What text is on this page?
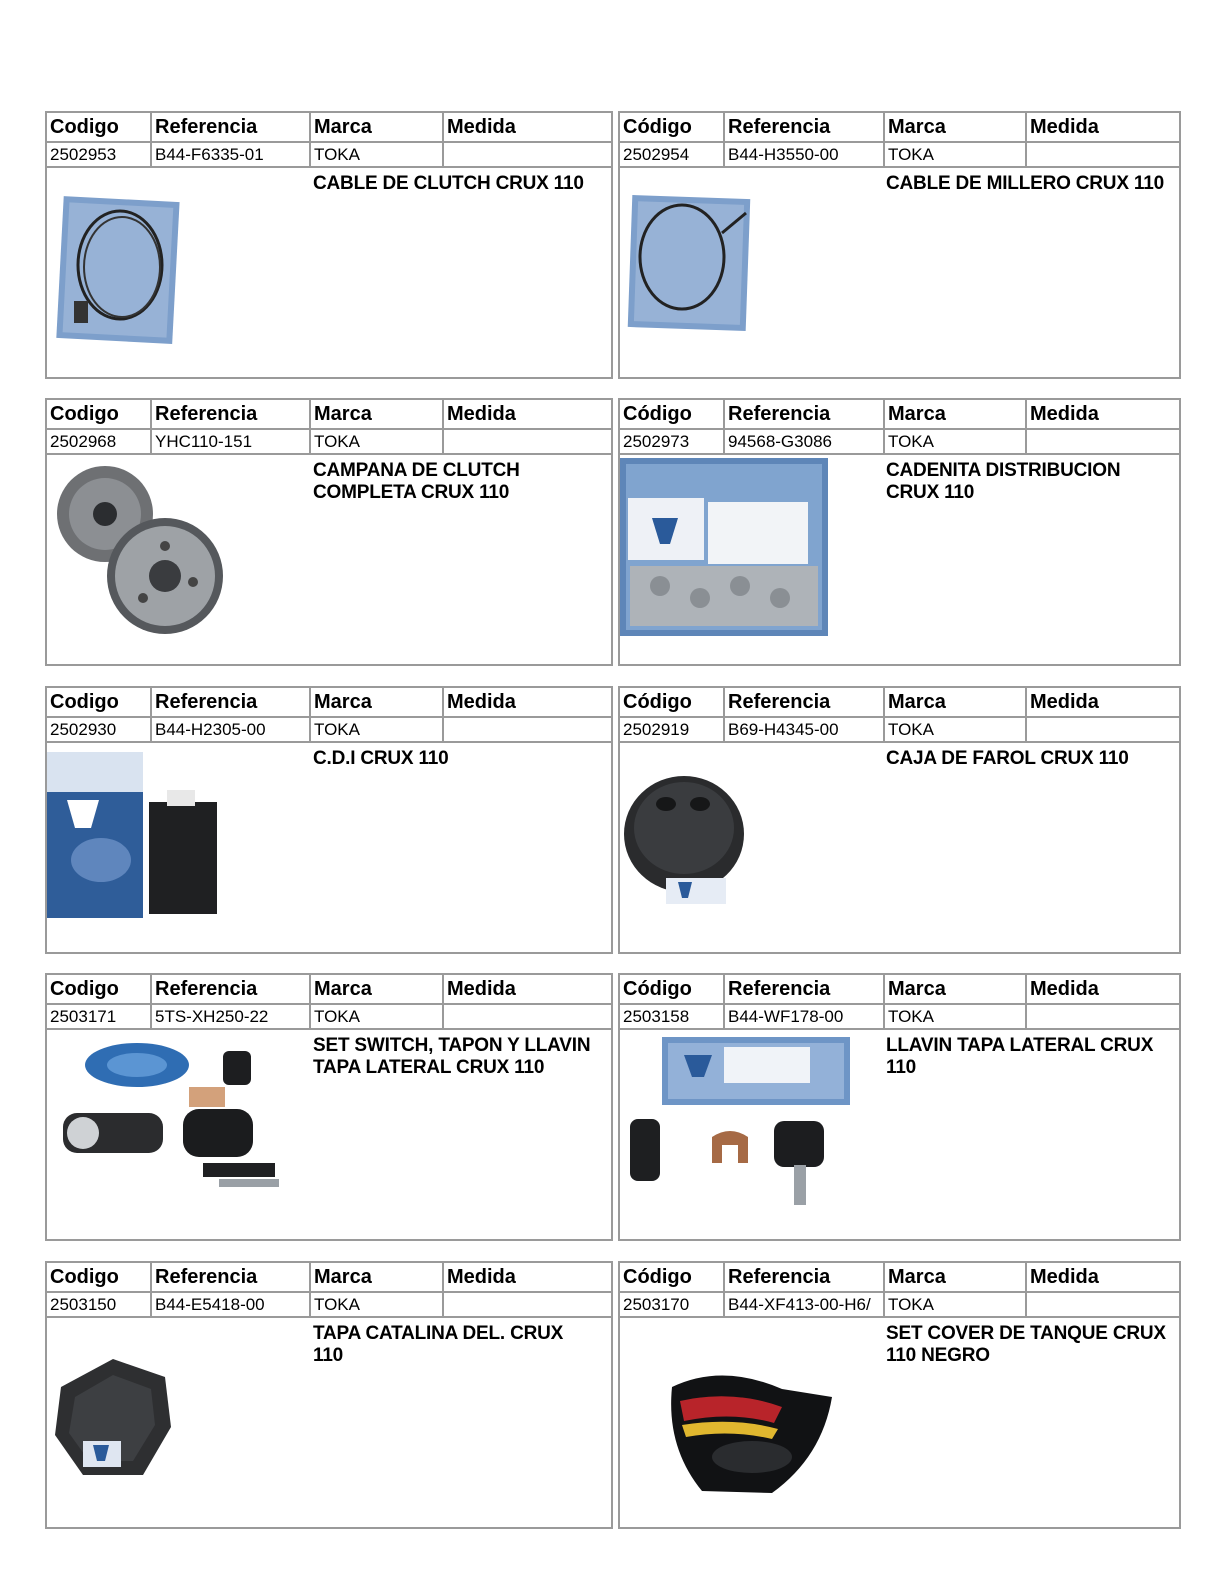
Codigo	Referencia	Marca	Medida
2502953	B44-F6335-01	TOKA
CABLE DE CLUTCH CRUX 110
Código	Referencia	Marca	Medida
2502954	B44-H3550-00	TOKA
CABLE DE MILLERO CRUX 110
Codigo	Referencia	Marca	Medida
2502968	YHC110-151	TOKA
CAMPANA DE CLUTCH COMPLETA CRUX 110
Código	Referencia	Marca	Medida
2502973	94568-G3086	TOKA
CADENITA DISTRIBUCION CRUX 110
Codigo	Referencia	Marca	Medida
2502930	B44-H2305-00	TOKA
C.D.I CRUX 110
Código	Referencia	Marca	Medida
2502919	B69-H4345-00	TOKA
CAJA DE FAROL CRUX 110
Codigo	Referencia	Marca	Medida
2503171	5TS-XH250-22	TOKA
SET SWITCH, TAPON Y LLAVIN TAPA LATERAL CRUX 110
Código	Referencia	Marca	Medida
2503158	B44-WF178-00	TOKA
LLAVIN TAPA LATERAL CRUX 110
Codigo	Referencia	Marca	Medida
2503150	B44-E5418-00	TOKA
TAPA CATALINA DEL. CRUX 110
Código	Referencia	Marca	Medida
2503170	B44-XF413-00-H6/	TOKA
SET COVER DE TANQUE CRUX 110 NEGRO
